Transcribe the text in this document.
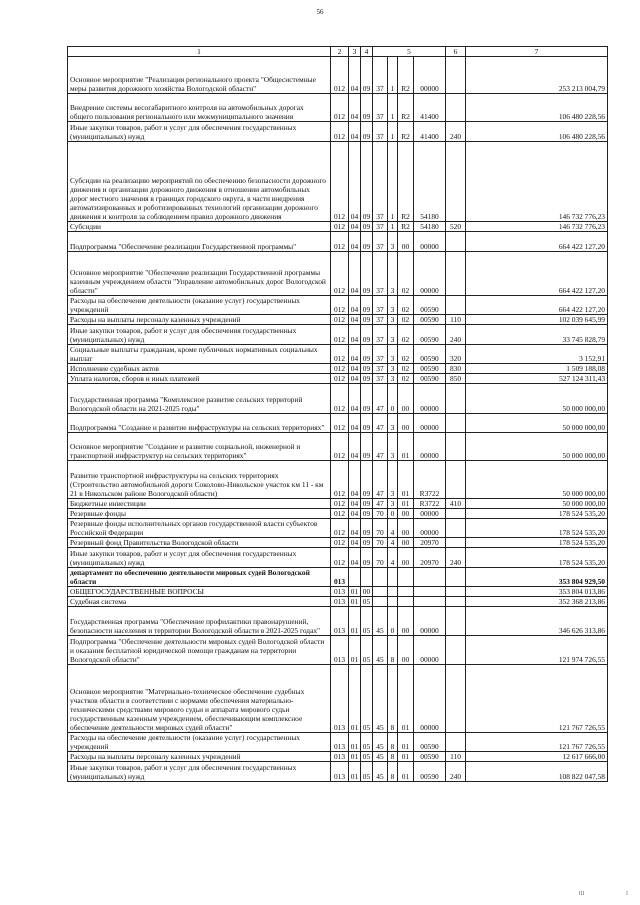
56
1	2	3	4	5				6	7
Основное мероприятие "Реализация регионального проекта "Общесистемные меры развития дорожного хозяйства Вологодской области"	012	04	09	37	1	R2	00000		253 213 004,79
Внедрение системы весогабаритного контроля на автомобильных дорогах общего пользования регионального или межмуниципального значения	012	04	09	37	1	R2	41400		106 480 228,56
Иные закупки товаров, работ и услуг для обеспечения государственных (муниципальных) нужд	012	04	09	37	1	R2	41400	240	106 480 228,56
Субсидии на реализацию мероприятий по обеспечению безопасности дорожного движения и организации дорожного движения в отношении автомобильных дорог местного значения в границах городского округа, в части внедрения автоматизированных и роботизированных технологий организации дорожного движения и контроля за соблюдением правил дорожного движения	012	04	09	37	1	R2	54180		146 732 776,23
Субсидии	012	04	09	37	1	R2	54180	520	146 732 776,23
Подпрограмма "Обеспечение реализации Государственной программы"	012	04	09	37	3	00	00000		664 422 127,20
Основное мероприятие "Обеспечение реализации Государственной программы казенным учреждением области "Управление автомобильных дорог Вологодской области"	012	04	09	37	3	02	00000		664 422 127,20
Расходы на обеспечение деятельности (оказание услуг) государственных учреждений	012	04	09	37	3	02	00590		664 422 127,20
Расходы на выплаты персоналу казенных учреждений	012	04	09	37	3	02	00590	110	102 039 645,99
Иные закупки товаров, работ и услуг для обеспечения государственных (муниципальных) нужд	012	04	09	37	3	02	00590	240	33 745 828,79
Социальные выплаты гражданам, кроме публичных нормативных социальных выплат	012	04	09	37	3	02	00590	320	3 152,91
Исполнение судебных актов	012	04	09	37	3	02	00590	830	1 509 188,08
Уплата налогов, сборов и иных платежей	012	04	09	37	3	02	00590	850	527 124 311,43
Государственная программа "Комплексное развитие сельских территорий Вологодской области на 2021-2025 годы"	012	04	09	47	0	00	00000		50 000 000,00
Подпрограмма "Создание и развитие инфраструктуры на сельских территориях"	012	04	09	47	3	00	00000		50 000 000,00
Основное мероприятие "Создание и развитие социальной, инженерной и транспортной инфраструктур на сельских территориях"	012	04	09	47	3	01	00000		50 000 000,00
Развитие транспортной инфраструктуры на сельских территориях (Строительство автомобильной дороги Соколово-Никольское участок км 11 - км 21 в Никольском районе Вологодской области)	012	04	09	47	3	01	R3722		50 000 000,00
Бюджетные инвестиции	012	04	09	47	3	01	R3722	410	50 000 000,00
Резервные фонды	012	04	09	70	0	00	00000		178 524 535,20
Резервные фонды исполнительных органов государственной власти субъектов Российской Федерации	012	04	09	70	4	00	00000		178 524 535,20
Резервный фонд Правительства Вологодской области	012	04	09	70	4	00	20970		178 524 535,20
Иные закупки товаров, работ и услуг для обеспечения государственных (муниципальных) нужд	012	04	09	70	4	00	20970	240	178 524 535,20
департамент по обеспечению деятельности мировых судей Вологодской области	013								353 804 929,50
ОБЩЕГОСУДАРСТВЕННЫЕ ВОПРОСЫ	013	01	00						353 804 013,86
Судебная система	013	01	05						352 368 213,86
Государственная программа "Обеспечение профилактики правонарушений, безопасности населения и территории Вологодской области в 2021-2025 годах"	013	01	05	45	0	00	00000		346 626 313,86
Подпрограмма "Обеспечение деятельности мировых судей Вологодской области и оказания бесплатной юридической помощи гражданам на территории Вологодской области"	013	01	05	45	8	00	00000		121 974 726,55
Основное мероприятие "Материально-техническое обеспечение судебных участков области в соответствии с нормами обеспечения материально-техническими средствами мирового судьи и аппарата мирового судьи государственным казенным учреждением, обеспечивающим комплексное обеспечение деятельности мировых судей области"	013	01	05	45	8	01	00000		121 767 726,55
Расходы на обеспечение деятельности (оказание услуг) государственных учреждений	013	01	05	45	8	01	00590		121 767 726,55
Расходы на выплаты персоналу казенных учреждений	013	01	05	45	8	01	00590	110	12 617 666,00
Иные закупки товаров, работ и услуг для обеспечения государственных (муниципальных) нужд	013	01	05	45	8	01	00590	240	108 822 047,58
III	I
